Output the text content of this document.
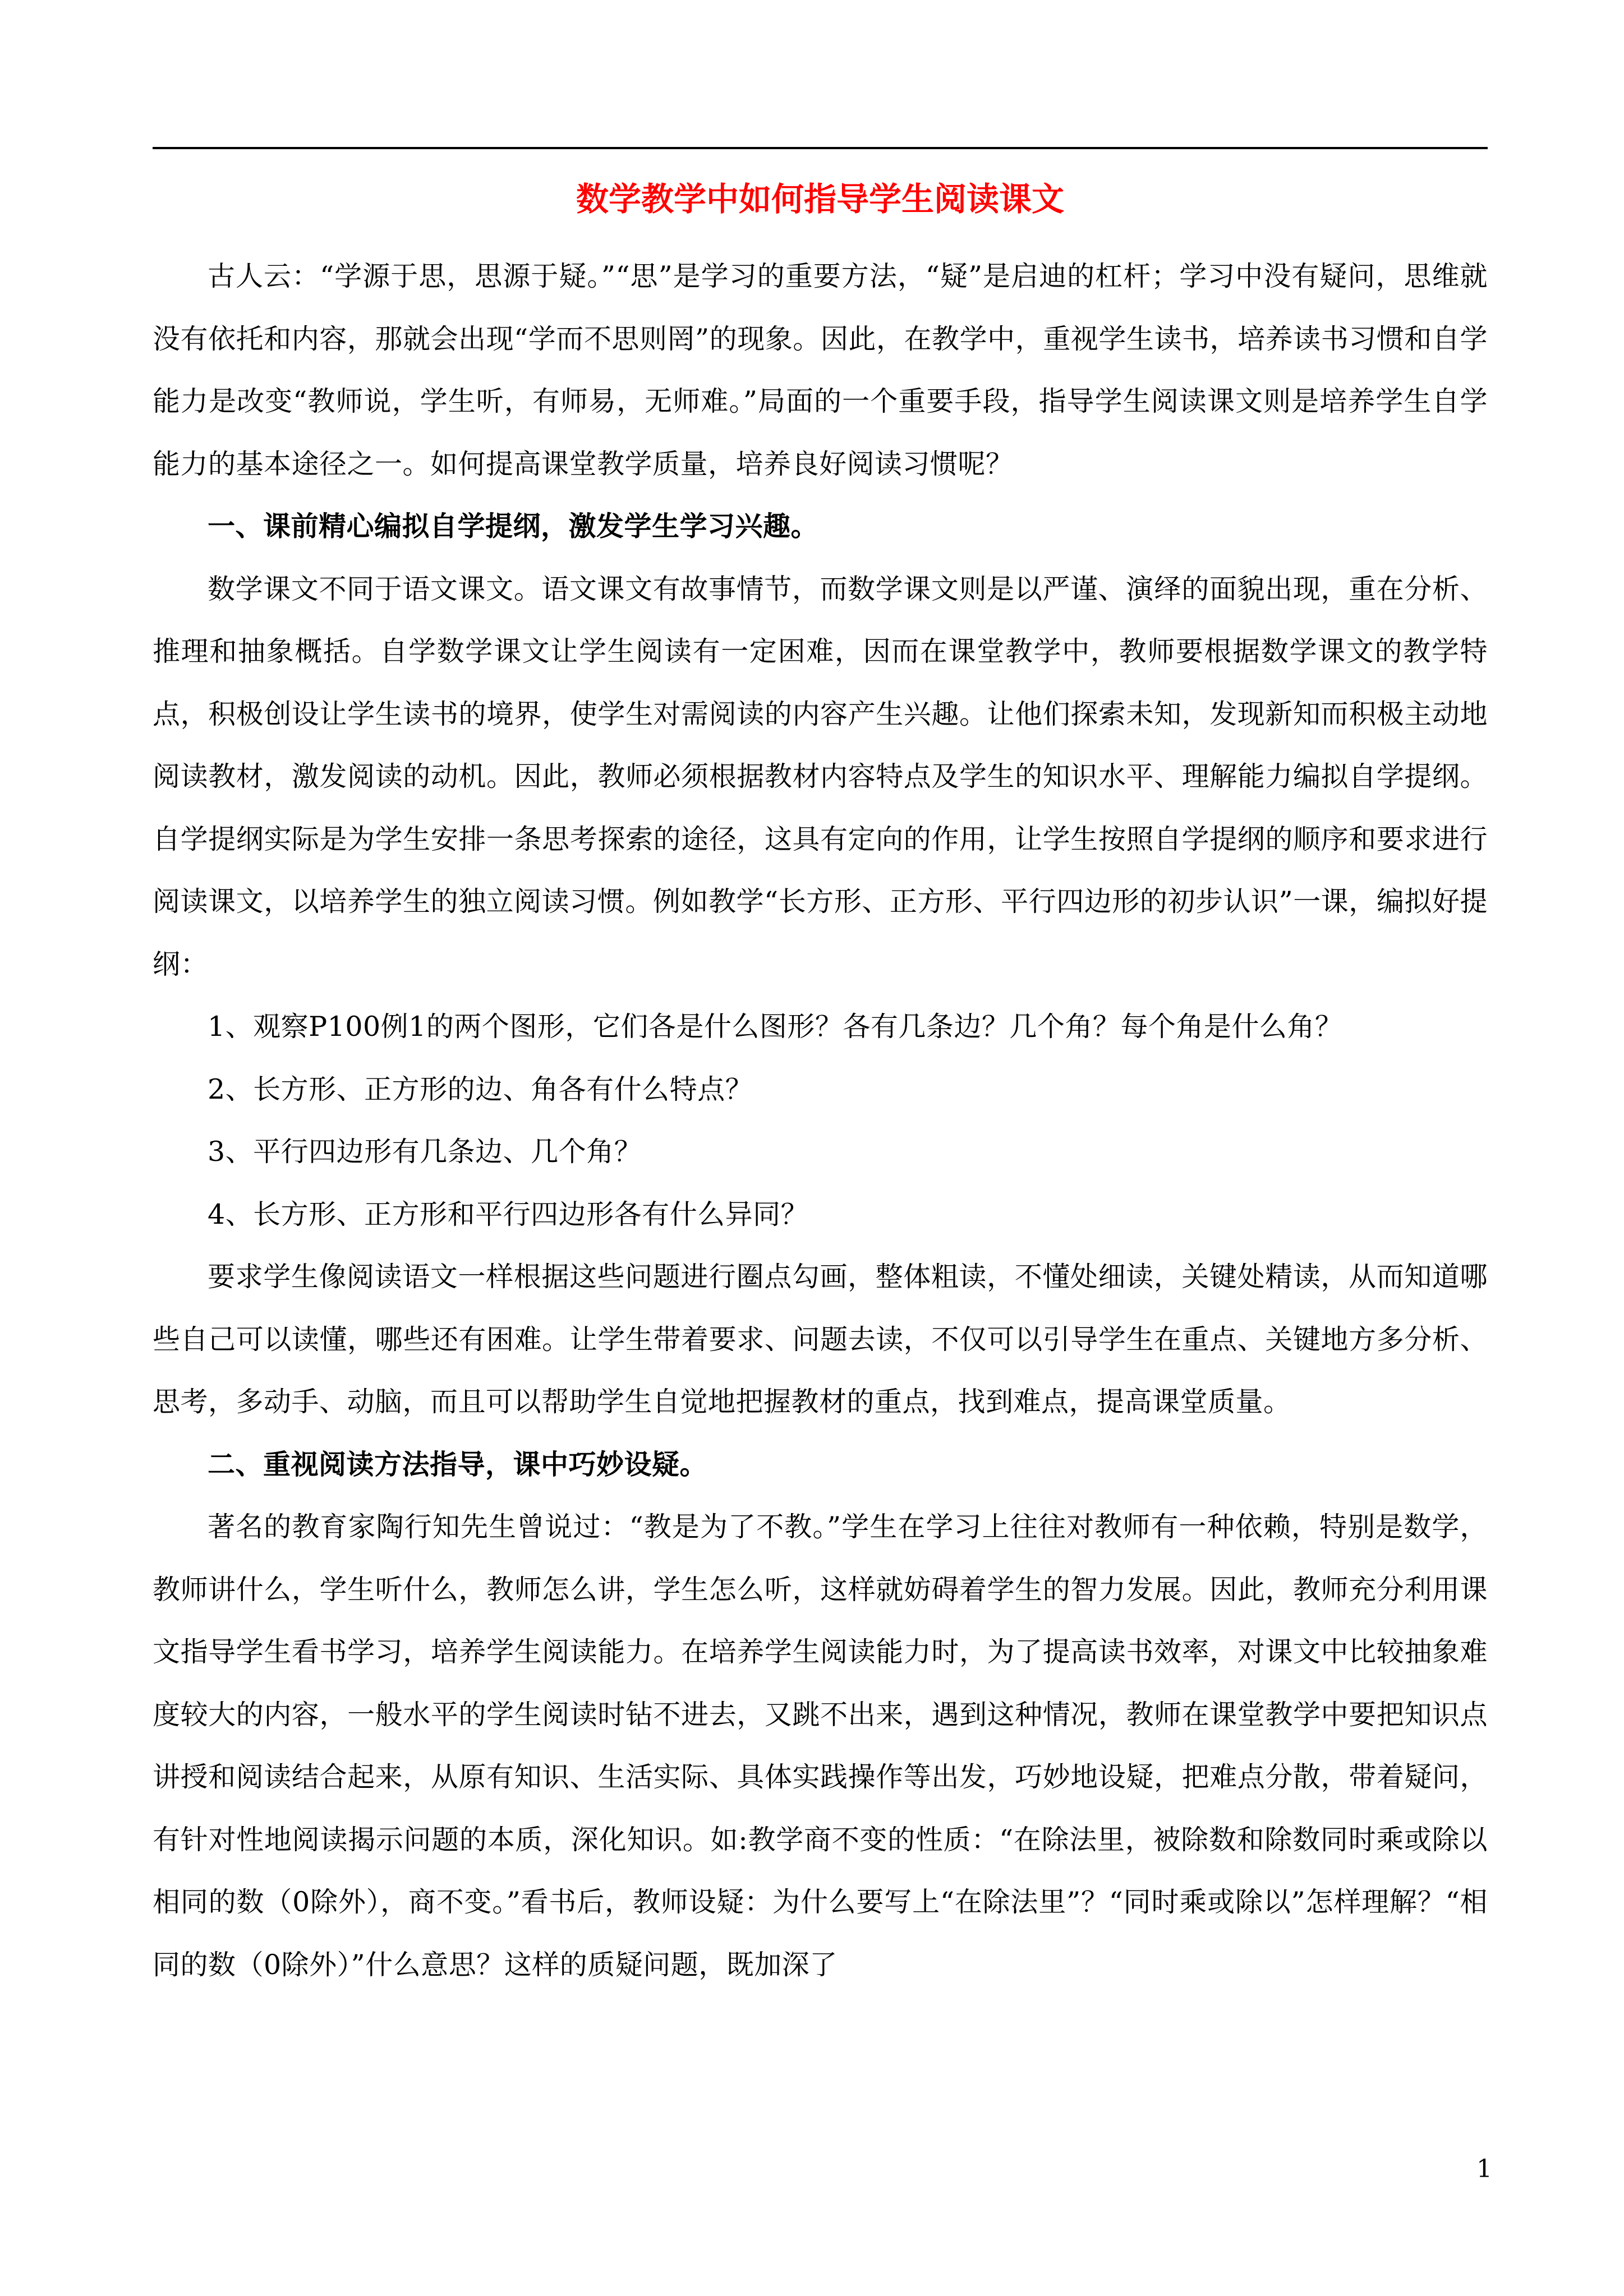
数学教学中如何指导学生阅读课文

古人云：“学源于思，思源于疑。”“思”是学习的重要方法，“疑”是启迪的杠杆；学习中没有疑问，思维就没有依托和内容，那就会出现“学而不思则罔”的现象。因此，在教学中，重视学生读书，培养读书习惯和自学能力是改变“教师说，学生听，有师易，无师难。”局面的一个重要手段，指导学生阅读课文则是培养学生自学能力的基本途径之一。如何提高课堂教学质量，培养良好阅读习惯呢？

一、课前精心编拟自学提纲，激发学生学习兴趣。

数学课文不同于语文课文。语文课文有故事情节，而数学课文则是以严谨、演绎的面貌出现，重在分析、推理和抽象概括。自学数学课文让学生阅读有一定困难，因而在课堂教学中，教师要根据数学课文的教学特点，积极创设让学生读书的境界，使学生对需阅读的内容产生兴趣。让他们探索未知，发现新知而积极主动地阅读教材，激发阅读的动机。因此，教师必须根据教材内容特点及学生的知识水平、理解能力编拟自学提纲。自学提纲实际是为学生安排一条思考探索的途径，这具有定向的作用，让学生按照自学提纲的顺序和要求进行阅读课文，以培养学生的独立阅读习惯。例如教学“长方形、正方形、平行四边形的初步认识”一课，编拟好提纲：

1、观察P100例1的两个图形，它们各是什么图形？各有几条边？几个角？每个角是什么角？

2、长方形、正方形的边、角各有什么特点？

3、平行四边形有几条边、几个角？

4、长方形、正方形和平行四边形各有什么异同？

要求学生像阅读语文一样根据这些问题进行圈点勾画，整体粗读，不懂处细读，关键处精读，从而知道哪些自己可以读懂，哪些还有困难。让学生带着要求、问题去读，不仅可以引导学生在重点、关键地方多分析、思考，多动手、动脑，而且可以帮助学生自觉地把握教材的重点，找到难点，提高课堂质量。

二、重视阅读方法指导，课中巧妙设疑。

著名的教育家陶行知先生曾说过：“教是为了不教。”学生在学习上往往对教师有一种依赖，特别是数学，教师讲什么，学生听什么，教师怎么讲，学生怎么听，这样就妨碍着学生的智力发展。因此，教师充分利用课文指导学生看书学习，培养学生阅读能力。在培养学生阅读能力时，为了提高读书效率，对课文中比较抽象难度较大的内容，一般水平的学生阅读时钻不进去，又跳不出来，遇到这种情况，教师在课堂教学中要把知识点讲授和阅读结合起来，从原有知识、生活实际、具体实践操作等出发，巧妙地设疑，把难点分散，带着疑问，有针对性地阅读揭示问题的本质，深化知识。如:教学商不变的性质：“在除法里，被除数和除数同时乘或除以相同的数（0除外），商不变。”看书后，教师设疑：为什么要写上“在除法里”？“同时乘或除以”怎样理解？“相同的数（0除外）”什么意思？这样的质疑问题，既加深了

1
